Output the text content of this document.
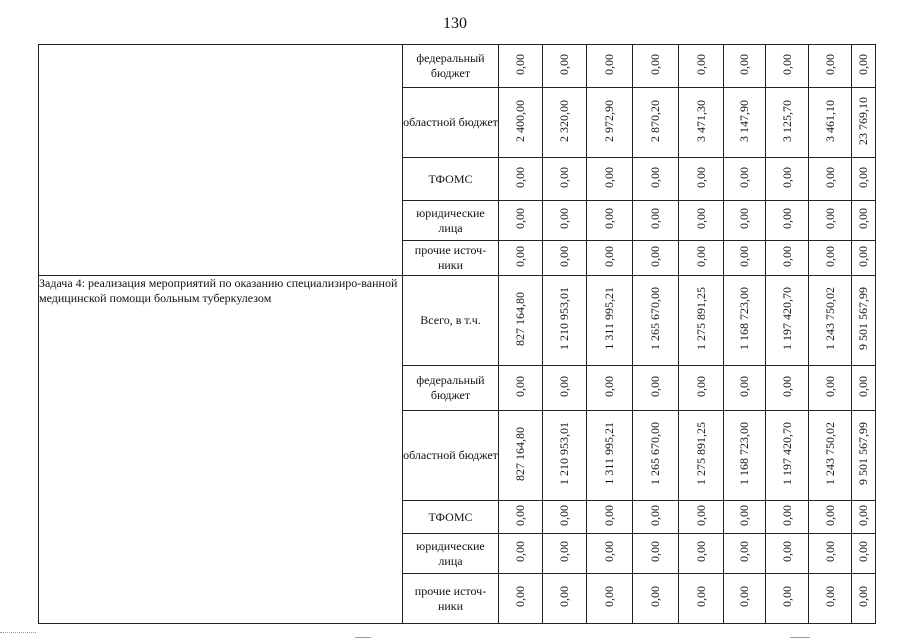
130
	федеральный бюджет	0,00	0,00	0,00	0,00	0,00	0,00	0,00	0,00	0,00
	областной бюджет	2 400,00	2 320,00	2 972,90	2 870,20	3 471,30	3 147,90	3 125,70	3 461,10	23 769,10
	ТФОМС	0,00	0,00	0,00	0,00	0,00	0,00	0,00	0,00	0,00
	юридические лица	0,00	0,00	0,00	0,00	0,00	0,00	0,00	0,00	0,00
	прочие источ-ники	0,00	0,00	0,00	0,00	0,00	0,00	0,00	0,00	0,00
Задача 4: реализация мероприятий по оказанию специализиро-ванной медицинской помощи больным туберкулезом	Всего, в т.ч.	827 164,80	1 210 953,01	1 311 995,21	1 265 670,00	1 275 891,25	1 168 723,00	1 197 420,70	1 243 750,02	9 501 567,99
	федеральный бюджет	0,00	0,00	0,00	0,00	0,00	0,00	0,00	0,00	0,00
	областной бюджет	827 164,80	1 210 953,01	1 311 995,21	1 265 670,00	1 275 891,25	1 168 723,00	1 197 420,70	1 243 750,02	9 501 567,99
	ТФОМС	0,00	0,00	0,00	0,00	0,00	0,00	0,00	0,00	0,00
	юридические лица	0,00	0,00	0,00	0,00	0,00	0,00	0,00	0,00	0,00
	прочие источ-ники	0,00	0,00	0,00	0,00	0,00	0,00	0,00	0,00	0,00
